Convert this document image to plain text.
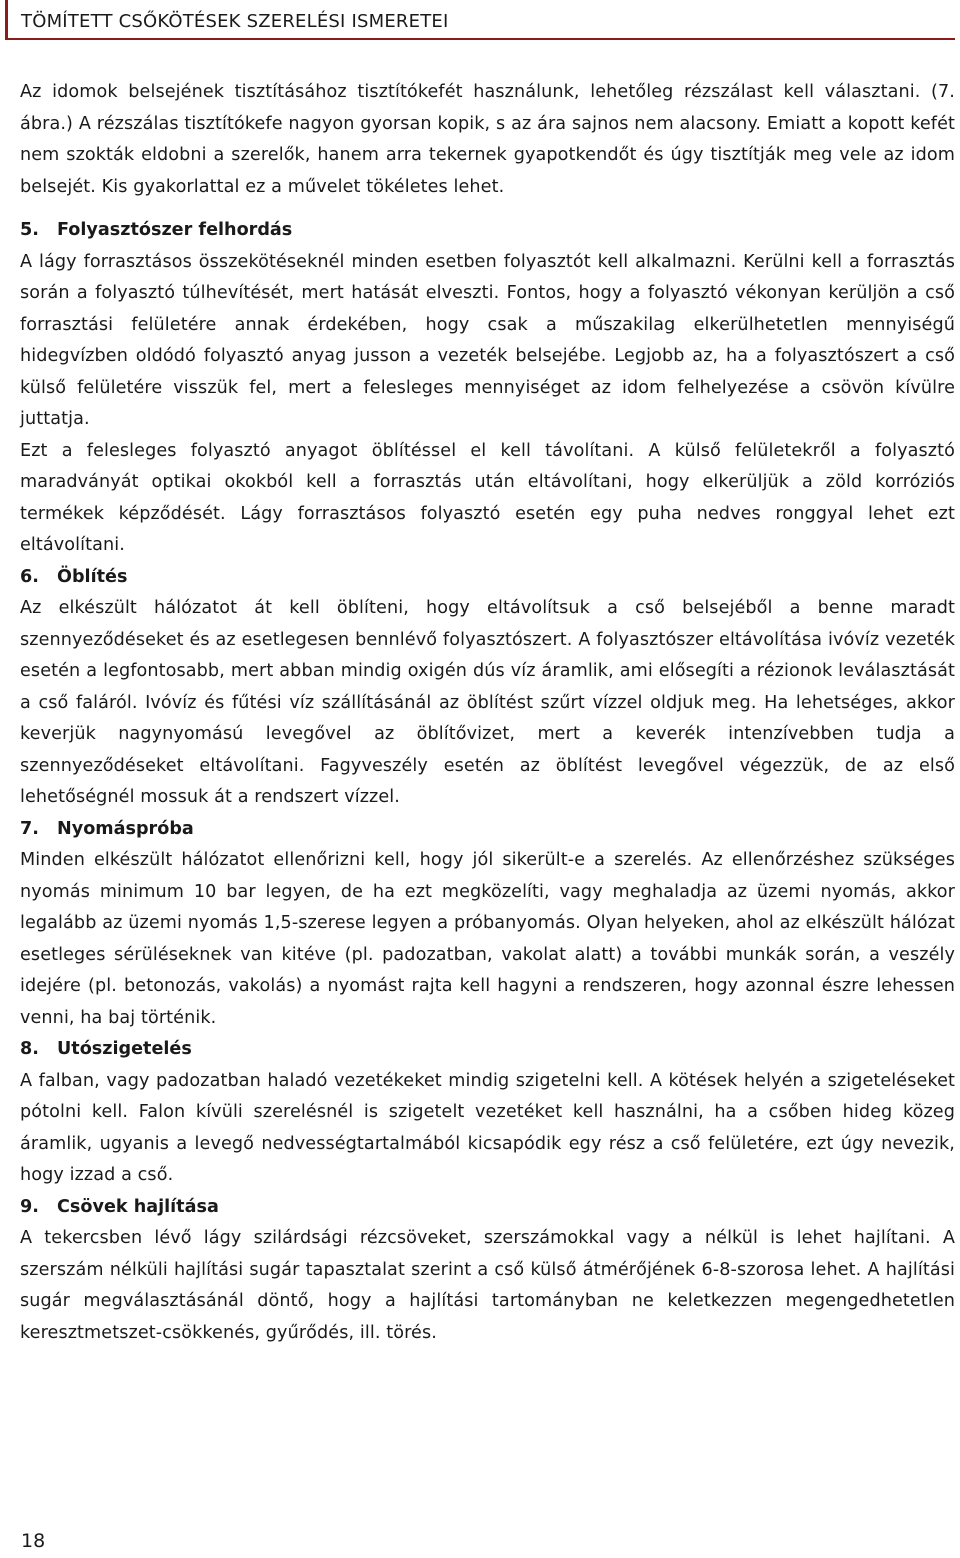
TÖMÍTETT CSŐKÖTÉSEK SZERELÉSI ISMERETEI

Az idomok belsejének tisztításához tisztítókefét használunk, lehetőleg rézszálast kell választani. (7. ábra.) A rézszálas tisztítókefe nagyon gyorsan kopik, s az ára sajnos nem alacsony. Emiatt a kopott kefét nem szokták eldobni a szerelők, hanem arra tekernek gyapotkendőt és úgy tisztítják meg vele az idom belsejét. Kis gyakorlattal ez a művelet tökéletes lehet.

5. Folyasztószer felhordás

A lágy forrasztásos összekötéseknél minden esetben folyasztót kell alkalmazni. Kerülni kell a forrasztás során a folyasztó túlhevítését, mert hatását elveszti. Fontos, hogy a folyasztó vékonyan kerüljön a cső forrasztási felületére annak érdekében, hogy csak a műszakilag elkerülhetetlen mennyiségű hidegvízben oldódó folyasztó anyag jusson a vezeték belsejébe. Legjobb az, ha a folyasztószert a cső külső felületére visszük fel, mert a felesleges mennyiséget az idom felhelyezése a csövön kívülre juttatja.

Ezt a felesleges folyasztó anyagot öblítéssel el kell távolítani. A külső felületekről a folyasztó maradványát optikai okokból kell a forrasztás után eltávolítani, hogy elkerüljük a zöld korróziós termékek képződését. Lágy forrasztásos folyasztó esetén egy puha nedves ronggyal lehet ezt eltávolítani.

6. Öblítés

Az elkészült hálózatot át kell öblíteni, hogy eltávolítsuk a cső belsejéből a benne maradt szennyeződéseket és az esetlegesen bennlévő folyasztószert. A folyasztószer eltávolítása ivóvíz vezeték esetén a legfontosabb, mert abban mindig oxigén dús víz áramlik, ami elősegíti a rézionok leválasztását a cső faláról. Ivóvíz és fűtési víz szállításánál az öblítést szűrt vízzel oldjuk meg. Ha lehetséges, akkor keverjük nagynyomású levegővel az öblítővizet, mert a keverék intenzívebben tudja a szennyeződéseket eltávolítani. Fagyveszély esetén az öblítést levegővel végezzük, de az első lehetőségnél mossuk át a rendszert vízzel.

7. Nyomáspróba

Minden elkészült hálózatot ellenőrizni kell, hogy jól sikerült-e a szerelés. Az ellenőrzéshez szükséges nyomás minimum 10 bar legyen, de ha ezt megközelíti, vagy meghaladja az üzemi nyomás, akkor legalább az üzemi nyomás 1,5-szerese legyen a próbanyomás. Olyan helyeken, ahol az elkészült hálózat esetleges sérüléseknek van kitéve (pl. padozatban, vakolat alatt) a további munkák során, a veszély idejére (pl. betonozás, vakolás) a nyomást rajta kell hagyni a rendszeren, hogy azonnal észre lehessen venni, ha baj történik.

8. Utószigetelés

A falban, vagy padozatban haladó vezetékeket mindig szigetelni kell. A kötések helyén a szigeteléseket pótolni kell. Falon kívüli szerelésnél is szigetelt vezetéket kell használni, ha a csőben hideg közeg áramlik, ugyanis a levegő nedvességtartalmából kicsapódik egy rész a cső felületére, ezt úgy nevezik, hogy izzad a cső.

9. Csövek hajlítása

A tekercsben lévő lágy szilárdsági rézcsöveket, szerszámokkal vagy a nélkül is lehet hajlítani. A szerszám nélküli hajlítási sugár tapasztalat szerint a cső külső átmérőjének 6-8-szorosa lehet. A hajlítási sugár megválasztásánál döntő, hogy a hajlítási tartományban ne keletkezzen megengedhetetlen keresztmetszet-csökkenés, gyűrődés, ill. törés.

18
